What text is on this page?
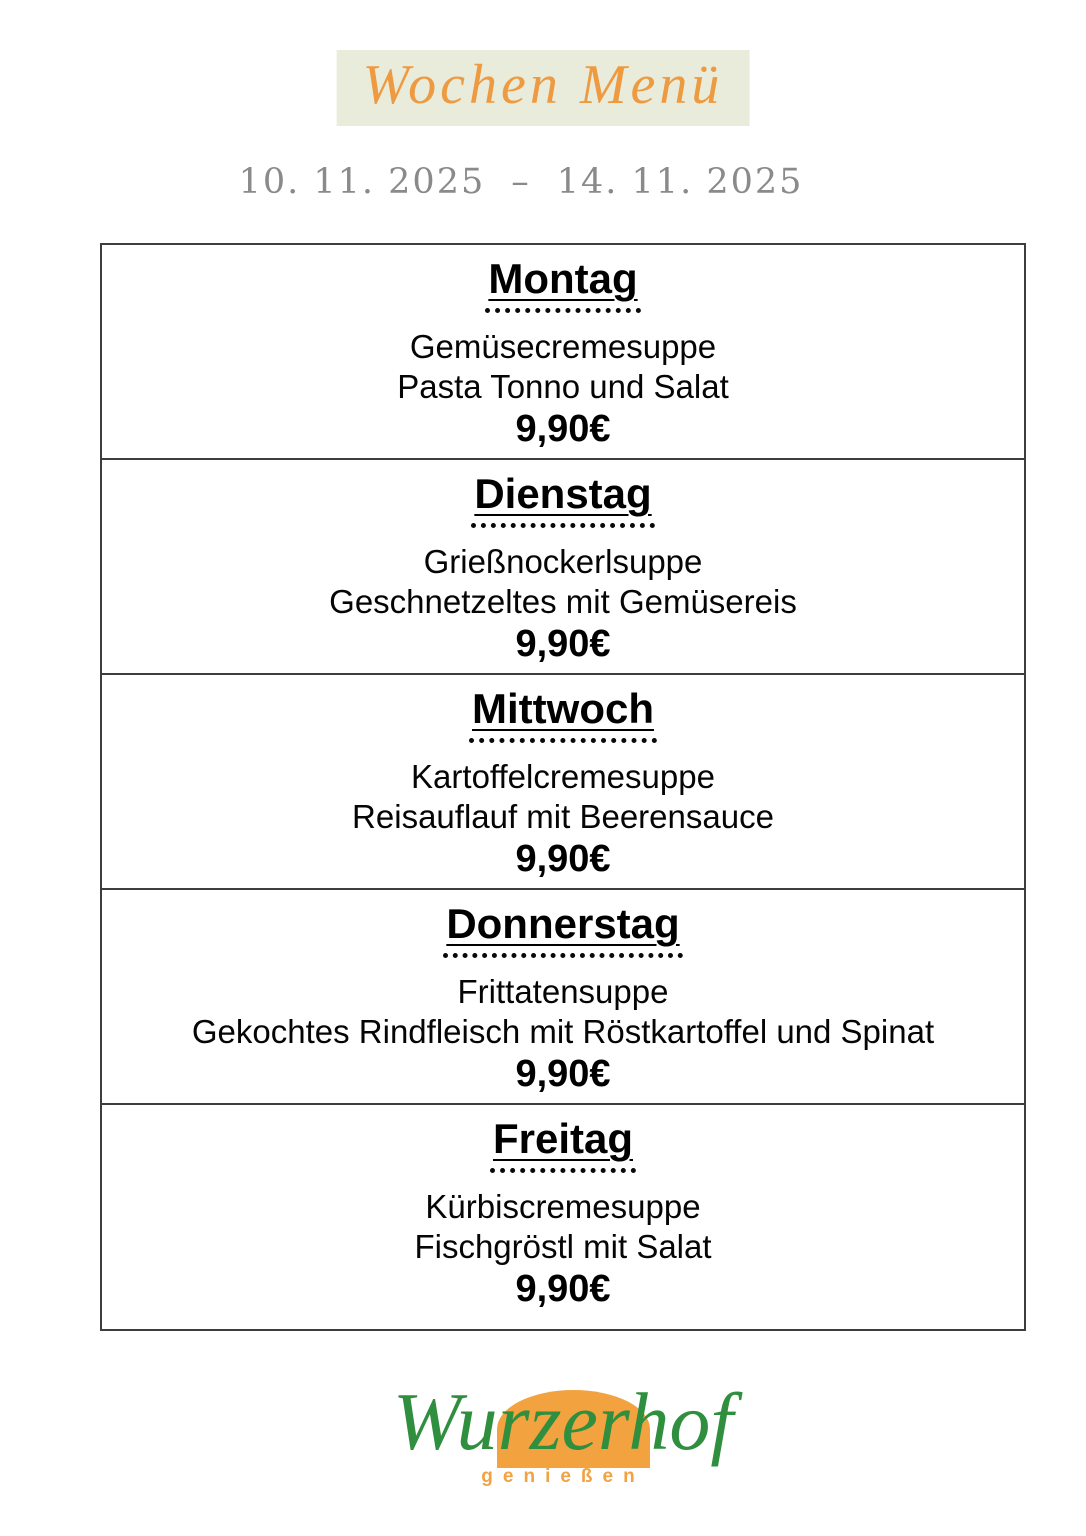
Wochen Menü
10. 11. 2025 – 14. 11. 2025
Montag
Gemüsecremesuppe
Pasta Tonno und Salat
9,90€
Dienstag
Grießnockerlsuppe
Geschnetzeltes mit Gemüsereis
9,90€
Mittwoch
Kartoffelcremesuppe
Reisauflauf mit Beerensauce
9,90€
Donnerstag
Frittatensuppe
Gekochtes Rindfleisch mit Röstkartoffel und Spinat
9,90€
Freitag
Kürbiscremesuppe
Fischgröstl mit Salat
9,90€
Wurzerhof
genießen
